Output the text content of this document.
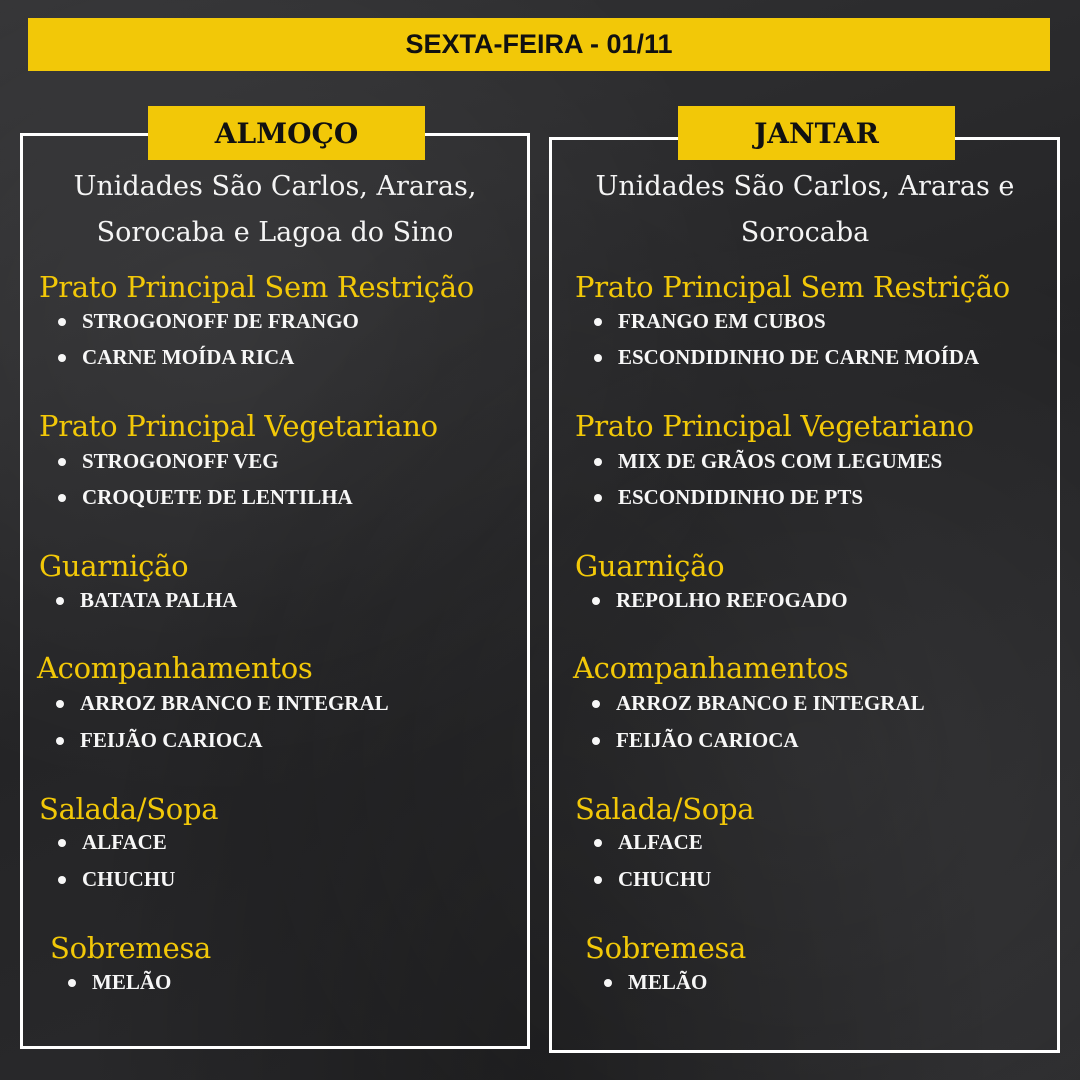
SEXTA-FEIRA - 01/11
ALMOÇO	JANTAR
Unidades São Carlos, Araras,
Sorocaba e Lagoa do Sino
Unidades São Carlos, Araras e
Sorocaba
Prato Principal Sem Restrição
STROGONOFF DE FRANGO
CARNE MOÍDA RICA
Prato Principal Vegetariano
STROGONOFF VEG
CROQUETE DE LENTILHA
Guarnição
BATATA PALHA
Acompanhamentos
ARROZ BRANCO E INTEGRAL
FEIJÃO CARIOCA
Salada/Sopa
ALFACE
CHUCHU
Sobremesa
MELÃO
Prato Principal Sem Restrição
FRANGO EM CUBOS
ESCONDIDINHO DE CARNE MOÍDA
Prato Principal Vegetariano
MIX DE GRÃOS COM LEGUMES
ESCONDIDINHO DE PTS
Guarnição
REPOLHO REFOGADO
Acompanhamentos
ARROZ BRANCO E INTEGRAL
FEIJÃO CARIOCA
Salada/Sopa
ALFACE
CHUCHU
Sobremesa
MELÃO
